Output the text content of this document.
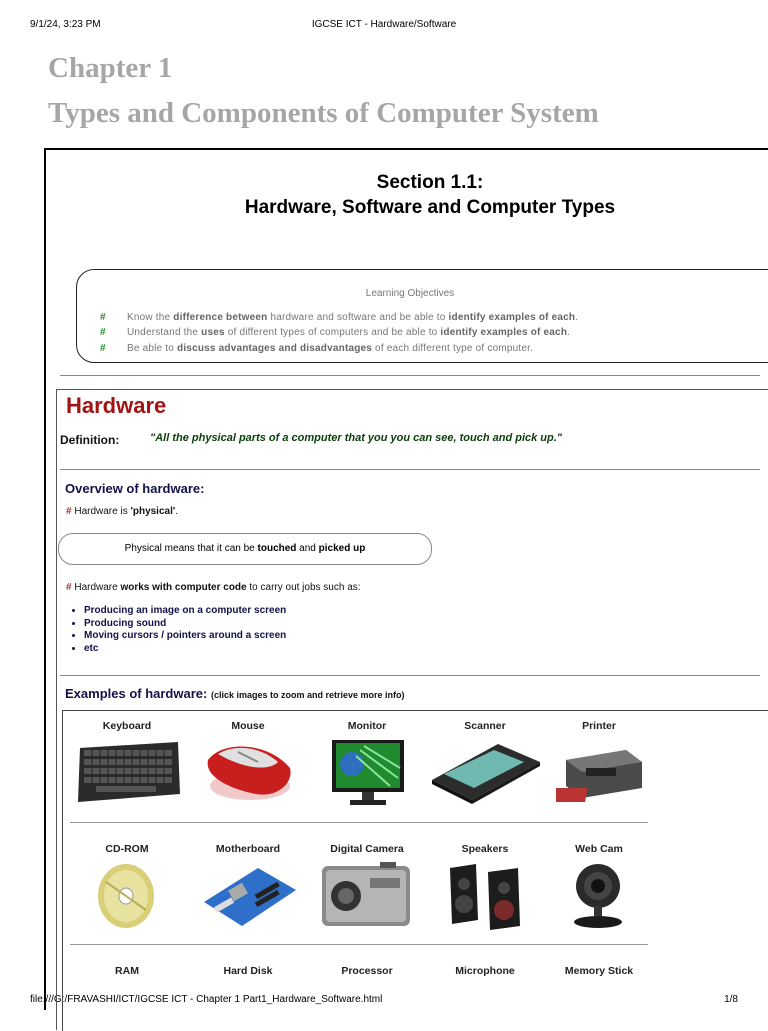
9/1/24, 3:23 PM	IGCSE ICT - Hardware/Software
file:///G:/FRAVASHI/ICT/IGCSE ICT - Chapter 1 Part1_Hardware_Software.html	1/8
Chapter 1
Types and Components of Computer System
Section 1.1:
Hardware, Software and Computer Types
Learning Objectives
# Know the difference between hardware and software and be able to identify examples of each.
# Understand the uses of different types of computers and be able to identify examples of each.
# Be able to discuss advantages and disadvantages of each different type of computer.
Hardware
Definition:	"All the physical parts of a computer that you you can see, touch and pick up."
Overview of hardware:
# Hardware is 'physical'.
Physical means that it can be touched and picked up
# Hardware works with computer code to carry out jobs such as:
• Producing an image on a computer screen
• Producing sound
• Moving cursors / pointers around a screen
• etc
Examples of hardware: (click images to zoom and retrieve more info)
Keyboard	Mouse	Monitor	Scanner	Printer
CD-ROM	Motherboard	Digital Camera	Speakers	Web Cam
RAM	Hard Disk	Processor	Microphone	Memory Stick
